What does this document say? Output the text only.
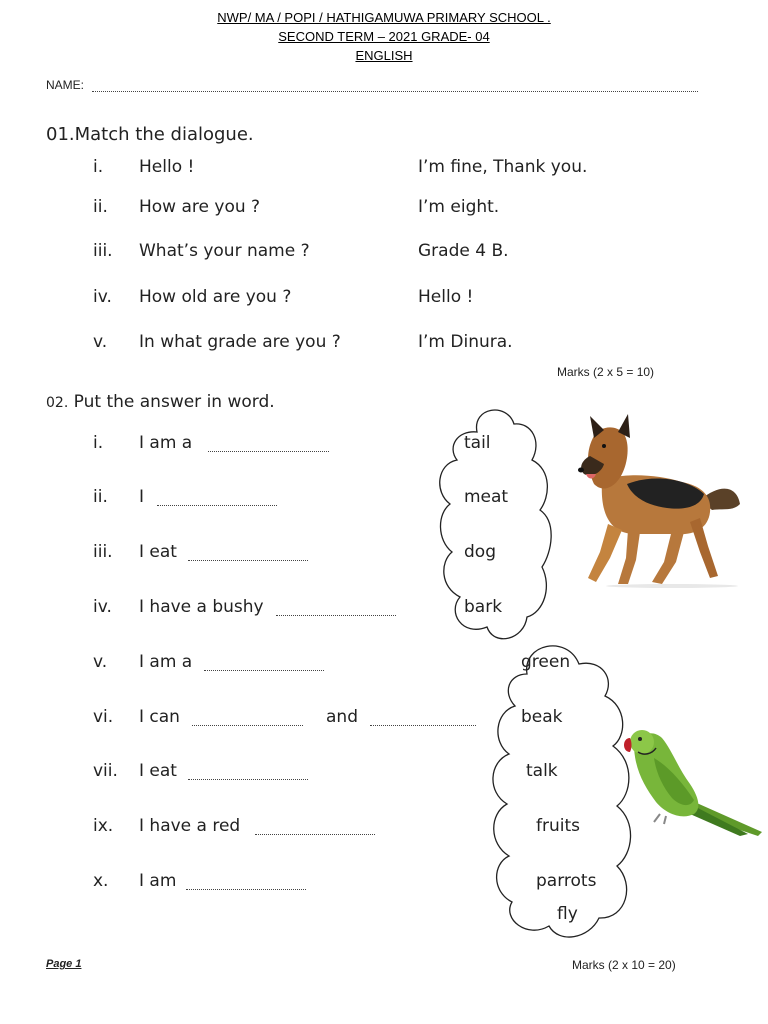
NWP/ MA / POPI / HATHIGAMUWA PRIMARY SCHOOL .
SECOND TERM – 2021 GRADE- 04
ENGLISH
NAME:
01.Match the dialogue.
i. Hello !	I’m fine, Thank you.
ii. How are you ?	I’m eight.
iii. What’s your name ?	Grade 4 B.
iv. How old are you ?	Hello !
v. In what grade are you ?	I’m Dinura.
Marks (2 x 5 = 10)
02. Put the answer in word.
i. I am a
ii. I
iii. I eat
iv. I have a bushy
v. I am a
vi. I can	and
vii. I eat
ix. I have a red
x. I am
tail
meat
dog
bark
green
beak
talk
fruits
parrots
fly
Marks (2 x 10 = 20)
Page 1
